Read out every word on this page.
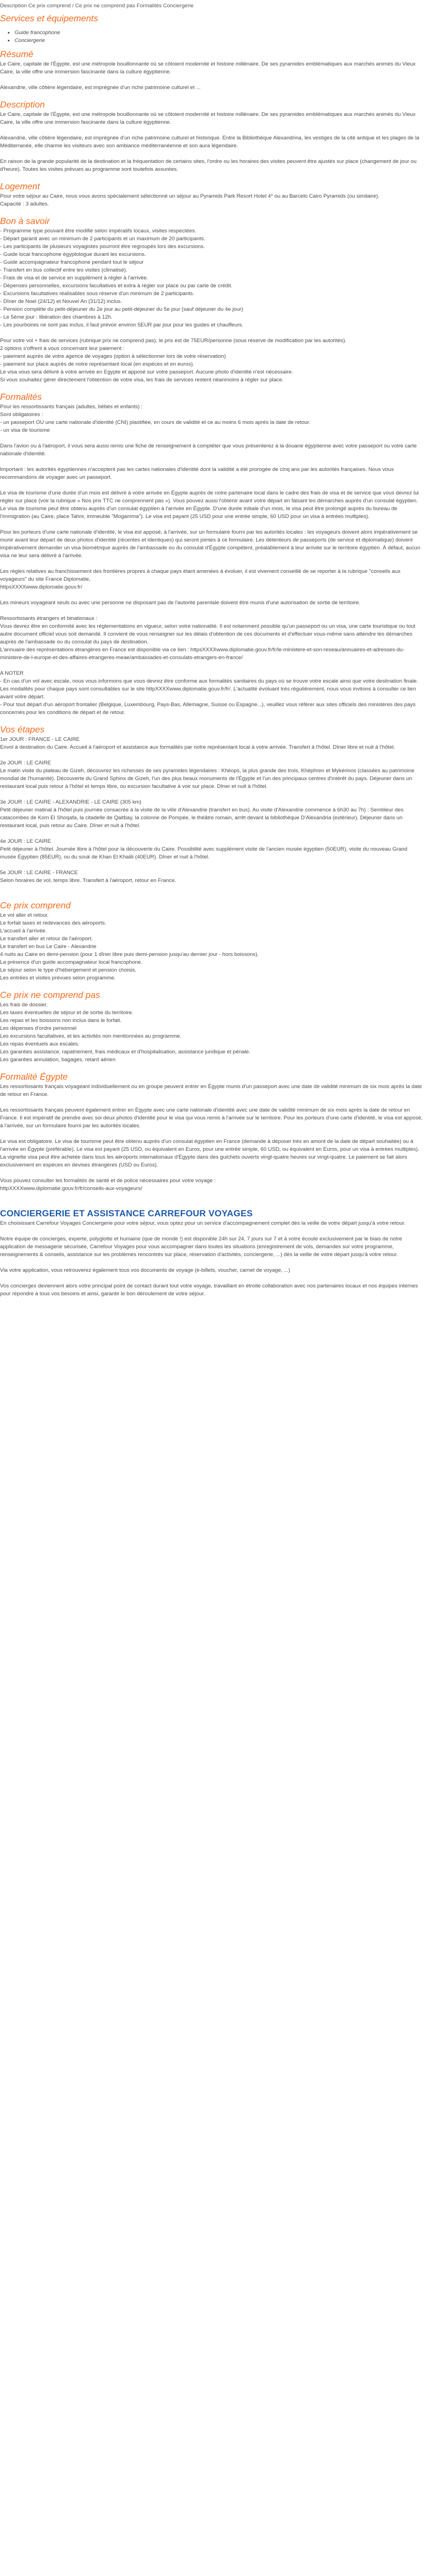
Description Ce prix comprend / Ce prix ne comprend pas Formalités Conciergerie
Services et équipements
• Guide francophone
• Conciergerie
Résumé
Le Caire, capitale de l'Égypte, est une métropole bouillonnante où se côtoient modernité et histoire millénaire. De ses pyramides emblématiques aux marchés animés du Vieux Caire, la ville offre une immersion fascinante dans la culture égyptienne.

Alexandrie, ville côtière légendaire, est imprégnée d'un riche patrimoine culturel et ...
Description
Le Caire, capitale de l'Égypte, est une métropole bouillonnante où se côtoient modernité et histoire millénaire. De ses pyramides emblématiques aux marchés animés du Vieux Caire, la ville offre une immersion fascinante dans la culture égyptienne.

Alexandrie, ville côtière légendaire, est imprégnée d'un riche patrimoine culturel et historique. Entre la Bibliothèque Alexandrina, les vestiges de la cité antique et les plages de la Méditerranée, elle charme les visiteurs avec son ambiance méditerranéenne et son aura légendaire.

En raison de la grande popularité de la destination et la fréquentation de certains sites, l'ordre ou les horaires des visites peuvent être ajustés sur place (changement de jour ou d'heure). Toutes les visites prévues au programme sont toutefois assurées.
Logement
Pour votre séjour au Caire, nous vous avons spécialement sélectionné un séjour au Pyramids Park Resort Hotel 4* ou au Barcelo Cairo Pyramids (ou similaire).
Capacité : 3 adultes.
Bon à savoir
- Programme type pouvant être modifié selon impératifs locaux, visites respectées.
- Départ garanti avec un minimum de 2 participants et un maximum de 20 participants.
- Les participants de plusieurs voyagistes pourront être regroupés lors des excursions.
- Guide local francophone égyptologue durant les excursions.
- Guide accompagnateur francophone pendant tout le séjour
- Transfert en bus collectif entre les visites (climatisé).
- Frais de visa et de service en supplément à régler à l'arrivée.
- Dépenses personnelles, excursions facultatives et extra à régler sur place ou par carte de crédit.
- Excursions facultatives réalisables sous réserve d'un minimum de 2 participants.
- Dîner de Noel (24/12) et Nouvel An (31/12) inclus.
- Pension complète du petit-déjeuner du 2e jour au petit-déjeuner du 5e jour (sauf déjeuner du 4e jour)
- Le 5ème jour : libération des chambres à 12h.
- Les pourboires ne sont pas inclus, il faut prévoir environ 5EUR par jour pour les guides et chauffeurs.

Pour votre vol + frais de services (rubrique prix ne comprend pas), le prix est de 75EUR/personne (sous réserve de modification par les autorités).
2 options s'offrent à vous concernant leur paiement :
- paiement auprès de votre agence de voyages (option à sélectionner lors de votre réservation)
- paiement sur place auprès de notre représentant local (en espèces et en euros).
Le visa vous sera délivré à votre arrivée en Egypte et apposé sur votre passeport. Aucune photo d'identité n'est nécessaire.
Si vous souhaitez gérer directement l'obtention de votre visa, les frais de services restent néanmoins à régler sur place.
Formalités
Pour les ressortissants français (adultes, bébés et enfants) :
Sont obligatoires :
- un passeport OU une carte nationale d'identité (CNI) plastifiée, en cours de validité et ce au moins 6 mois après la date de retour.
- un visa de tourisme

Dans l'avion ou à l'aéroport, il vous sera aussi remis une fiche de renseignement à compléter que vous présenterez à la douane égyptienne avec votre passeport ou votre carte nationale d'identité.

Important : les autorités égyptiennes n'acceptent pas les cartes nationales d'identité dont la validité a été prorogée de cinq ans par les autorités françaises. Nous vous recommandons de voyager avec un passeport.

Le visa de tourisme d'une durée d'un mois est délivré à votre arrivée en Égypte auprès de notre partenaire local dans le cadre des frais de visa et de service que vous devrez lui régler sur place (voir la rubrique « Nos prix TTC ne comprennent pas »). Vous pouvez aussi l'obtenir avant votre départ en faisant les démarches auprès d'un consulat égyptien. Le visa de tourisme peut être obtenu auprès d'un consulat égyptien à l'arrivée en Égypte. D'une durée initiale d'un mois, le visa peut être prolongé auprès du bureau de l'immigration (au Caire, place Tahrir, immeuble "Mogamma"). Le visa est payant (25 USD pour une entrée simple, 60 USD pour un visa à entrées multiples).

Pour les porteurs d'une carte nationale d'identité, le visa est apposé, à l'arrivée, sur un formulaire fourni par les autorités locales : les voyageurs doivent alors impérativement se munir avant leur départ de deux photos d'identité (récentes et identiques) qui seront jointes à ce formulaire. Les détenteurs de passeports (de service et diplomatique) doivent impérativement demander un visa biométrique auprès de l'ambassade ou du consulat d'Égypte compétent, préalablement à leur arrivée sur le territoire égyptien. À défaut, aucun visa ne leur sera délivré à l'arrivée.

Les règles relatives au franchissement des frontières propres à chaque pays étant amenées à évoluer, il est vivement conseillé de se reporter à la rubrique "conseils aux voyageurs" du site France Diplomatie,
httpsXXXXwww.diplomatie.gouv.fr/

Les mineurs voyageant seuls ou avec une personne ne disposant pas de l'autorité parentale doivent être munis d'une autorisation de sortie de territoire.

Ressortissants étrangers et binationaux :
Vous devrez être en conformité avec les réglementations en vigueur, selon votre nationalité. Il est notamment possible qu'un passeport ou un visa, une carte touristique ou tout autre document officiel vous soit demandé. Il convient de vous renseigner sur les délais d'obtention de ces documents et d'effectuer vous-même sans attendre les démarches auprès de l'ambassade ou du consulat du pays de destination.
L'annuaire des représentations étrangères en France est disponible via ce lien : httpsXXXXwww.diplomatie.gouv.fr/fr/le-ministere-et-son-reseau/annuaires-et-adresses-du-ministere-de-l-europe-et-des-affaires-etrangeres-meae/ambassades-et-consulats-etrangers-en-france/

A NOTER
- En cas d'un vol avec escale, nous vous informons que vous devrez être conforme aux formalités sanitaires du pays où se trouve votre escale ainsi que votre destination finale.
Les modalités pour chaque pays sont consultables sur le site httpXXXXwww.diplomatie.gouv.fr/fr/. L'actualité évoluant très régulièrement, nous vous invitons à consulter ce lien avant votre départ.
- Pour tout départ d'un aéroport frontalier (Belgique, Luxembourg, Pays-Bas, Allemagne, Suisse ou Espagne...), veuillez vous référer aux sites officiels des ministères des pays concernés pour les conditions de départ et de retour.
Vos étapes
1er JOUR : FRANCE - LE CAIRE
Envol à destination du Caire. Accueil à l'aéroport et assistance aux formalités par notre représentant local à votre arrivée. Transfert à l'hôtel. Dîner libre et nuit à l'hôtel.

2e JOUR : LE CAIRE
Le matin visite du plateau de Gizeh, découvrez les richesses de ses pyramides légendaires : Khéops, la plus grande des trois, Khéphren et Mykérinos (classées au patrimoine mondial de l'humanité). Découverte du Grand Sphinx de Gizeh, l'un des plus beaux monuments de l'Égypte et l'un des principaux centres d'intérêt du pays. Déjeuner dans un restaurant local puis retour à l'hôtel et temps libre, ou excursion facultative à voir sur place. Dîner et nuit à l'hôtel.

3e JOUR : LE CAIRE - ALEXANDRIE - LE CAIRE (305 km)
Petit déjeuner matinal à l'hôtel puis journée consacrée à la visite de la ville d'Alexandrie (transfert en bus). Au visite d'Alexandrie commence à 6h30 au 7h) : Sembleur des catacombes de Kom El Shoqafa, la citadelle de Qaitbay, la colonne de Pompée, le théâtre romain, arrêt devant la bibliothèque D'Alexandria (extérieur). Déjeuner dans un restaurant local, puis retour au Caire. Dîner et nuit à l'hôtel.

4e JOUR : LE CAIRE
Petit déjeuner à l'hôtel. Journée libre à l'hôtel pour la découverte du Caire. Possibilité avec supplément visite de l'ancien musée égyptien (50EUR), visite du nouveau Grand musée Égyptien (85EUR), ou du souk de Khan El Khalili (40EUR). Dîner et nuit à l'hôtel.

5e JOUR : LE CAIRE - FRANCE
Selon horaires de vol, temps libre. Transfert à l'aéroport, retour en France.
Ce prix comprend
Le vol aller et retour.
Le forfait taxes et redevances des aéroports.
L'accueil à l'arrivée.
Le transfert aller et retour de l'aéroport.
Le transfert en bus Le Caire - Alexandrie
4 nuits au Caire en demi-pension (pour 1 dîner libre puis demi-pension jusqu'au dernier jour - hors boissons).
La présence d'un guide accompagnateur local francophone.
Le séjour selon le type d'hébergement et pension choisis.
Les entrées et visites prévues selon programme.
Ce prix ne comprend pas
Les frais de dossier.
Les taxes éventuelles de séjour et de sortie du territoire.
Les repas et les boissons non inclus dans le forfait.
Les dépenses d'ordre personnel
Les excursions facultatives, et les activités non mentionnées au programme.
Les repas éventuels aux escales.
Les garanties assistance, rapatriement, frais médicaux et d'hospitalisation, assistance juridique et pénale.
Les garanties annulation, bagages, retard aérien
Formalité Égypte
Les ressortissants français voyageant individuellement ou en groupe peuvent entrer en Égypte munis d'un passeport avec une date de validité minimum de six mois après la date de retour en France.

Les ressortissants français peuvent également entrer en Égypte avec une carte nationale d'identité avec une date de validité minimum de six mois après la date de retour en France. Il est impératif de prendre avec soi deux photos d'identité pour le visa qui vous remis à l'arrivée sur le territoire. Pour les porteurs d'une carte d'identité, le visa est apposé, à l'arrivée, sur un formulaire fourni par les autorités locales.

Le visa est obligatoire. Le visa de tourisme peut être obtenu auprès d'un consulat égyptien en France (demande à déposer très en amont de la date de départ souhaitée) ou à l'arrivée en Égypte (préférable). Le visa est payant (25 USD, ou équivalent en Euros, pour une entrée simple, 60 USD, ou équivalent en Euros, pour un visa à entrées multiples). La vignette visa peut être achetée dans tous les aéroports internationaux d'Égypte dans des guichets ouverts vingt-quatre heures sur vingt-quatre. Le paiement se fait alors exclusivement en espèces en devises étrangères (USD ou Euros).

Vous pouvez consulter les formalités de santé et de police nécessaires pour votre voyage :
httpXXXXwww.diplomatie.gouv.fr/fr/conseils-aux-voyageurs/
CONCIERGERIE ET ASSISTANCE CARREFOUR VOYAGES
En choisissant Carrefour Voyages Conciergerie pour votre séjour, vous optez pour un service d'accompagnement complet dès la veille de votre départ jusqu'à votre retour.

Notre équipe de concierges, experte, polyglotte et humaine (que de monde !) est disponible 24h sur 24, 7 jours sur 7 et à votre écoute exclusivement par le biais de notre application de messagerie sécurisée, Carrefour Voyages pour vous accompagner dans toutes les situations (enregistrement de vols, demandes sur votre programme, renseignements & conseils, assistance sur les problèmes rencontrés sur place, réservation d'activités, conciergerie, ...) dès la veille de votre départ jusqu'à votre retour.

Via votre application, vous retrouverez également tous vos documents de voyage (e-billets, voucher, carnet de voyage, ...)

Vos concierges deviennent alors votre principal point de contact durant tout votre voyage, travaillant en étroite collaboration avec nos partenaires locaux et nos équipes internes pour répondre à tous vos besoins et ainsi, garantir le bon déroulement de votre séjour.
